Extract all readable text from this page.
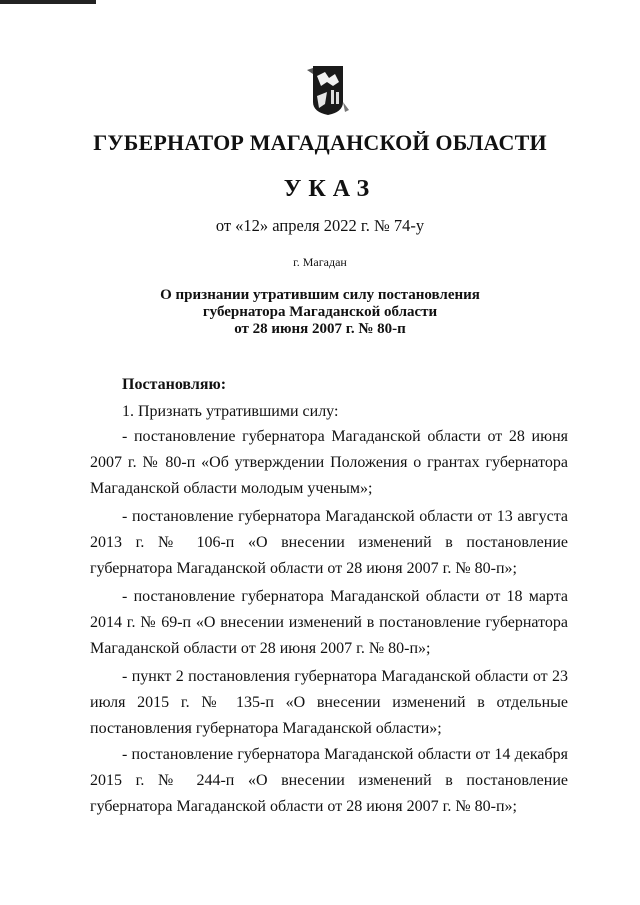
ГУБЕРНАТОР МАГАДАНСКОЙ ОБЛАСТИ
УКАЗ
от «12» апреля 2022 г. № 74-у
г. Магадан
О признании утратившим силу постановления
губернатора Магаданской области
от 28 июня 2007 г. № 80-п
Постановляю:
1. Признать утратившими силу:

- постановление губернатора Магаданской области от 28 июня 2007 г. № 80-п «Об утверждении Положения о грантах губернатора Магаданской области молодым ученым»;

- постановление губернатора Магаданской области от 13 августа 2013 г. № 106-п «О внесении изменений в постановление губернатора Магаданской области от 28 июня 2007 г. № 80-п»;

- постановление губернатора Магаданской области от 18 марта 2014 г. № 69-п «О внесении изменений в постановление губернатора Магаданской области от 28 июня 2007 г. № 80-п»;

- пункт 2 постановления губернатора Магаданской области от 23 июля 2015 г. № 135-п «О внесении изменений в отдельные постановления губернатора Магаданской области»;

- постановление губернатора Магаданской области от 14 декабря 2015 г. № 244-п «О внесении изменений в постановление губернатора Магаданской области от 28 июня 2007 г. № 80-п»;
